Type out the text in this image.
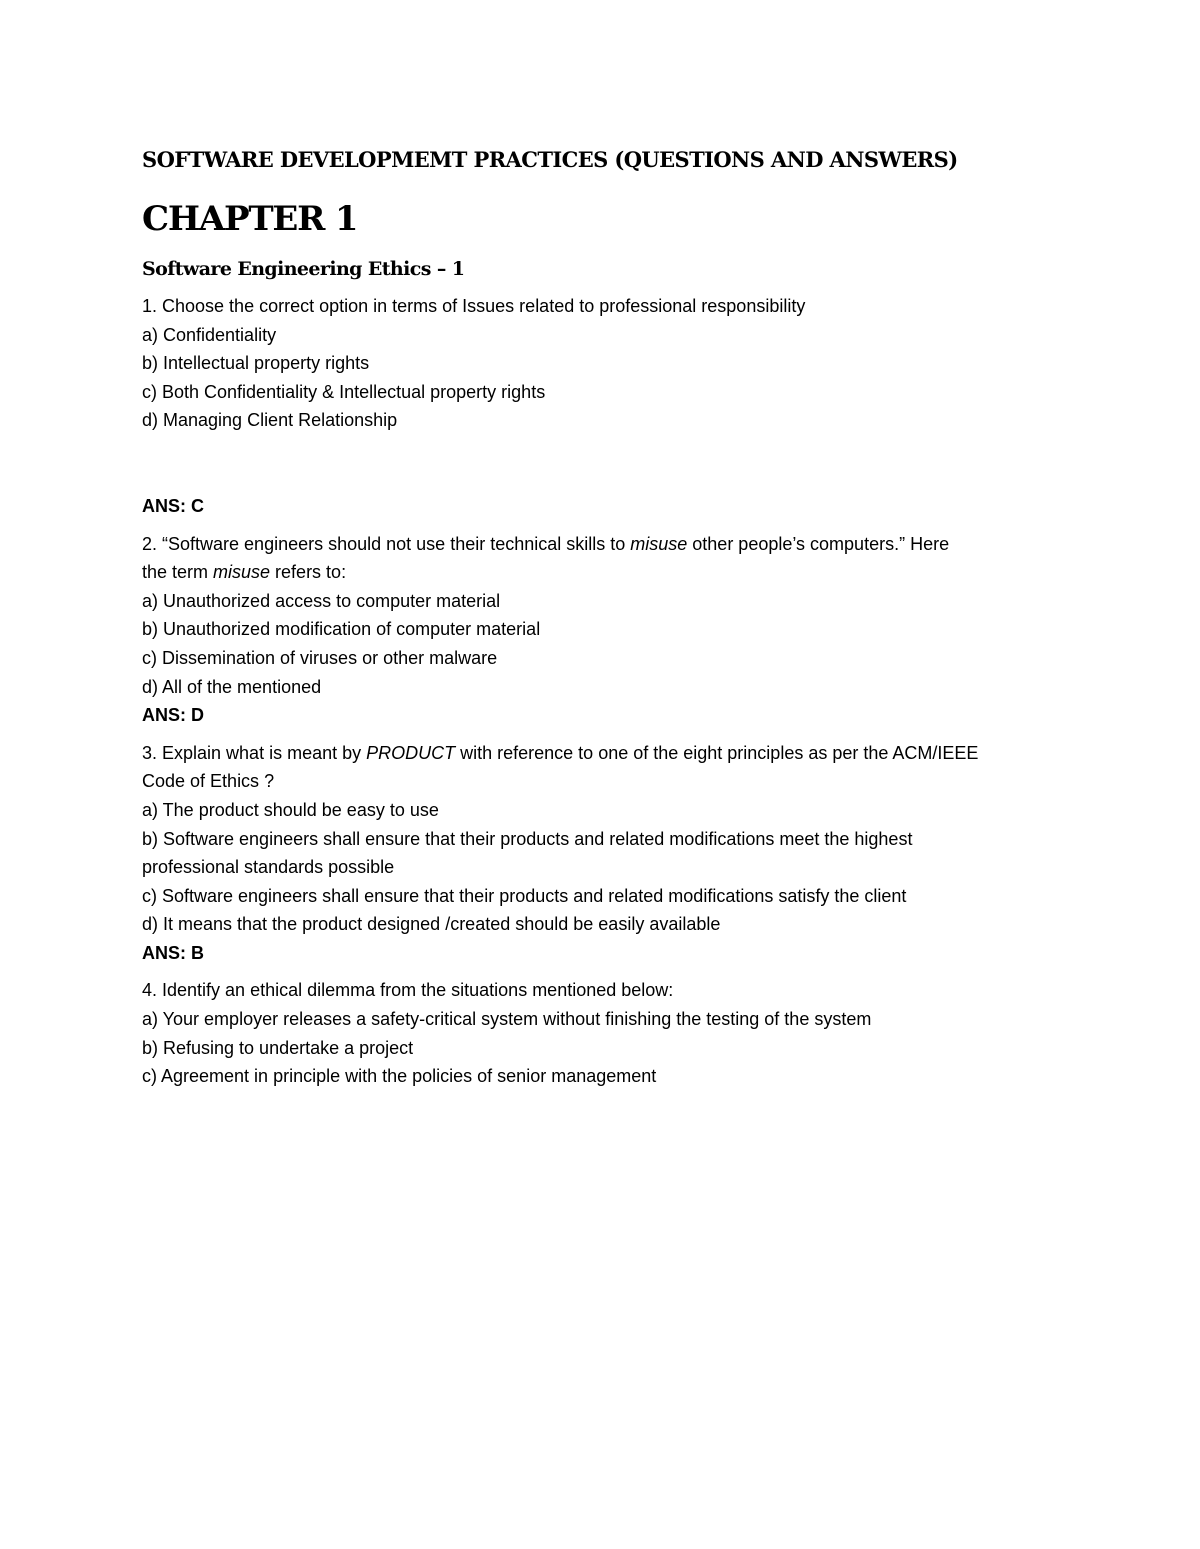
SOFTWARE DEVELOPMEMT PRACTICES (QUESTIONS AND ANSWERS)
CHAPTER 1
Software Engineering Ethics – 1
1. Choose the correct option in terms of Issues related to professional responsibility
a) Confidentiality
b) Intellectual property rights
c) Both Confidentiality & Intellectual property rights
d) Managing Client Relationship
ANS: C
2. “Software engineers should not use their technical skills to misuse other people’s computers.” Here
the term misuse refers to:
a) Unauthorized access to computer material
b) Unauthorized modification of computer material
c) Dissemination of viruses or other malware
d) All of the mentioned
ANS: D
3. Explain what is meant by PRODUCT with reference to one of the eight principles as per the ACM/IEEE
Code of Ethics ?
a) The product should be easy to use
b) Software engineers shall ensure that their products and related modifications meet the highest
professional standards possible
c) Software engineers shall ensure that their products and related modifications satisfy the client
d) It means that the product designed /created should be easily available
ANS: B
4. Identify an ethical dilemma from the situations mentioned below:
a) Your employer releases a safety-critical system without finishing the testing of the system
b) Refusing to undertake a project
c) Agreement in principle with the policies of senior management
